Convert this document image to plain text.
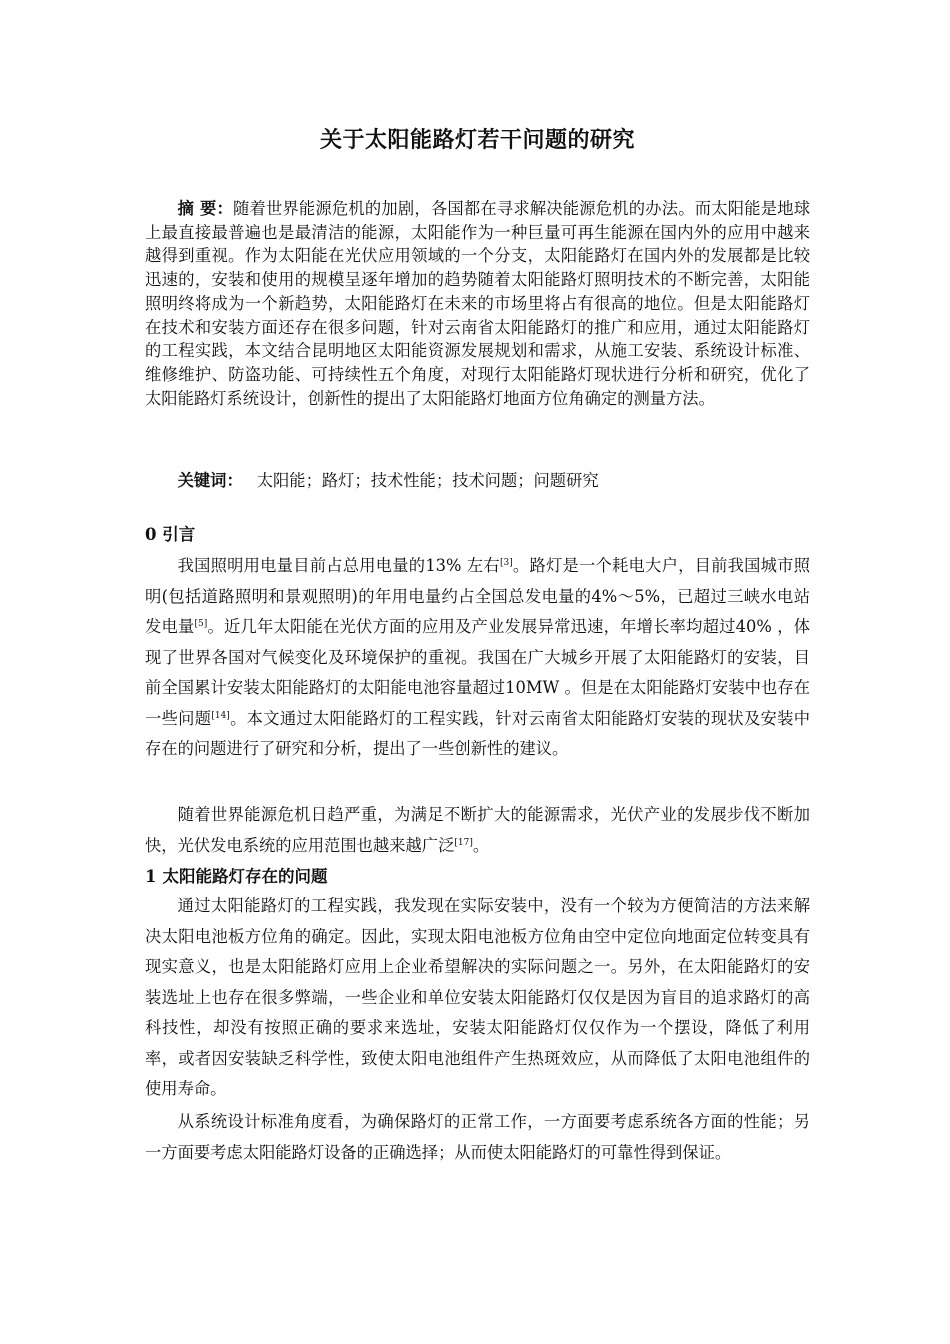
关于太阳能路灯若干问题的研究

摘 要：随着世界能源危机的加剧，各国都在寻求解决能源危机的办法。而太阳能是地球上最直接最普遍也是最清洁的能源，太阳能作为一种巨量可再生能源在国内外的应用中越来越得到重视。作为太阳能在光伏应用领域的一个分支，太阳能路灯在国内外的发展都是比较迅速的，安装和使用的规模呈逐年增加的趋势随着太阳能路灯照明技术的不断完善，太阳能照明终将成为一个新趋势，太阳能路灯在未来的市场里将占有很高的地位。但是太阳能路灯在技术和安装方面还存在很多问题，针对云南省太阳能路灯的推广和应用，通过太阳能路灯的工程实践，本文结合昆明地区太阳能资源发展规划和需求，从施工安装、系统设计标准、维修维护、防盗功能、可持续性五个角度，对现行太阳能路灯现状进行分析和研究，优化了太阳能路灯系统设计，创新性的提出了太阳能路灯地面方位角确定的测量方法。

关键词： 太阳能；路灯；技术性能；技术问题；问题研究

0 引言

我国照明用电量目前占总用电量的13% 左右[3]。路灯是一个耗电大户，目前我国城市照明(包括道路照明和景观照明)的年用电量约占全国总发电量的4%～5%，已超过三峡水电站发电量[5]。近几年太阳能在光伏方面的应用及产业发展异常迅速，年增长率均超过40% ，体现了世界各国对气候变化及环境保护的重视。我国在广大城乡开展了太阳能路灯的安装，目前全国累计安装太阳能路灯的太阳能电池容量超过10MW 。但是在太阳能路灯安装中也存在一些问题[14]。本文通过太阳能路灯的工程实践，针对云南省太阳能路灯安装的现状及安装中存在的问题进行了研究和分析，提出了一些创新性的建议。

随着世界能源危机日趋严重，为满足不断扩大的能源需求，光伏产业的发展步伐不断加快，光伏发电系统的应用范围也越来越广泛[17]。

1 太阳能路灯存在的问题

通过太阳能路灯的工程实践，我发现在实际安装中，没有一个较为方便简洁的方法来解决太阳电池板方位角的确定。因此，实现太阳电池板方位角由空中定位向地面定位转变具有现实意义，也是太阳能路灯应用上企业希望解决的实际问题之一。另外，在太阳能路灯的安装选址上也存在很多弊端，一些企业和单位安装太阳能路灯仅仅是因为盲目的追求路灯的高科技性，却没有按照正确的要求来选址，安装太阳能路灯仅仅作为一个摆设，降低了利用率，或者因安装缺乏科学性，致使太阳电池组件产生热斑效应，从而降低了太阳电池组件的使用寿命。

从系统设计标准角度看，为确保路灯的正常工作，一方面要考虑系统各方面的性能；另一方面要考虑太阳能路灯设备的正确选择；从而使太阳能路灯的可靠性得到保证。
